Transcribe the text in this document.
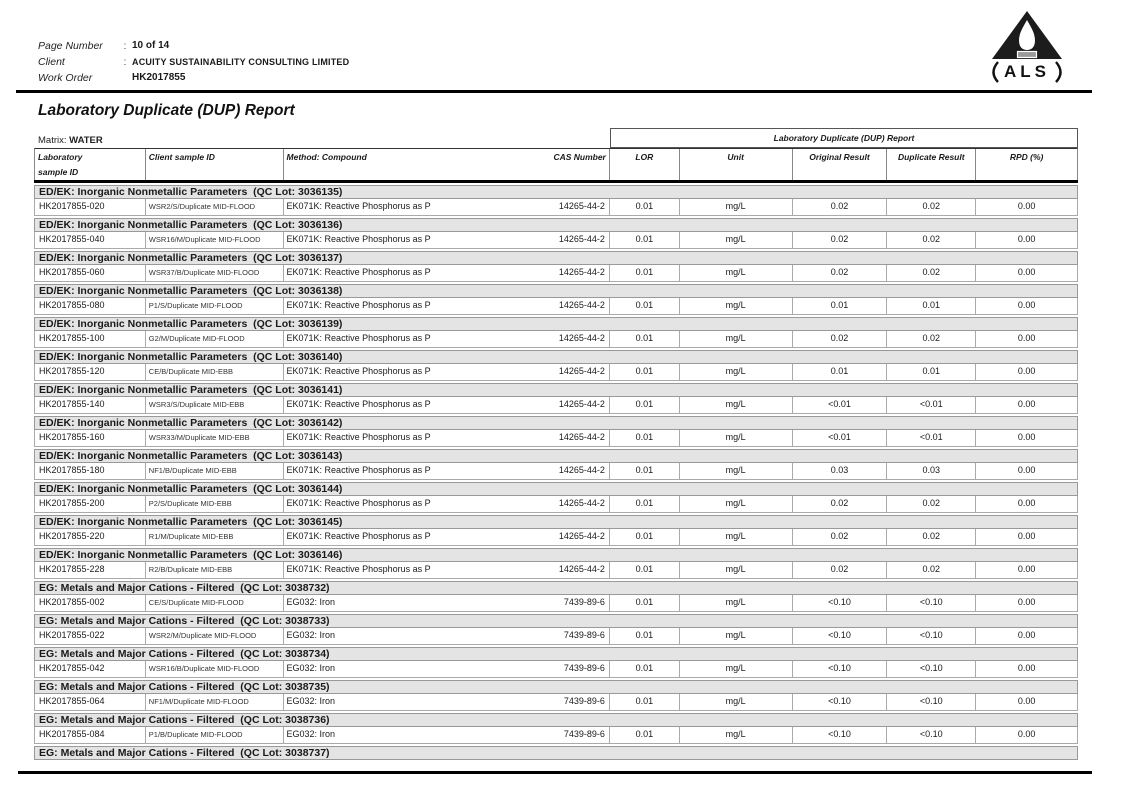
Page Number	: 10 of 14
Client	: ACUITY SUSTAINABILITY CONSULTING LIMITED
Work Order	HK2017855	ALS
Laboratory Duplicate (DUP) Report
Matrix: WATER	Laboratory Duplicate (DUP) Report
Laboratory
sample ID
Client sample ID	Method: Compound	CAS Number	LOR	Unit	Original Result	Duplicate Result	RPD (%)
ED/EK: Inorganic Nonmetallic Parameters  (QC Lot: 3036135)
HK2017855-020	WSR2/S/Duplicate MID-FLOOD	EK071K: Reactive Phosphorus as P	14265-44-2	0.01	mg/L	0.02	0.02	0.00
ED/EK: Inorganic Nonmetallic Parameters  (QC Lot: 3036136)
HK2017855-040	WSR16/M/Duplicate MID-FLOOD	EK071K: Reactive Phosphorus as P	14265-44-2	0.01	mg/L	0.02	0.02	0.00
ED/EK: Inorganic Nonmetallic Parameters  (QC Lot: 3036137)
HK2017855-060	WSR37/B/Duplicate MID-FLOOD	EK071K: Reactive Phosphorus as P	14265-44-2	0.01	mg/L	0.02	0.02	0.00
ED/EK: Inorganic Nonmetallic Parameters  (QC Lot: 3036138)
HK2017855-080	P1/S/Duplicate MID-FLOOD	EK071K: Reactive Phosphorus as P	14265-44-2	0.01	mg/L	0.01	0.01	0.00
ED/EK: Inorganic Nonmetallic Parameters  (QC Lot: 3036139)
HK2017855-100	G2/M/Duplicate MID-FLOOD	EK071K: Reactive Phosphorus as P	14265-44-2	0.01	mg/L	0.02	0.02	0.00
ED/EK: Inorganic Nonmetallic Parameters  (QC Lot: 3036140)
HK2017855-120	CE/B/Duplicate MID-EBB	EK071K: Reactive Phosphorus as P	14265-44-2	0.01	mg/L	0.01	0.01	0.00
ED/EK: Inorganic Nonmetallic Parameters  (QC Lot: 3036141)
HK2017855-140	WSR3/S/Duplicate MID-EBB	EK071K: Reactive Phosphorus as P	14265-44-2	0.01	mg/L	<0.01	<0.01	0.00
ED/EK: Inorganic Nonmetallic Parameters  (QC Lot: 3036142)
HK2017855-160	WSR33/M/Duplicate MID-EBB	EK071K: Reactive Phosphorus as P	14265-44-2	0.01	mg/L	<0.01	<0.01	0.00
ED/EK: Inorganic Nonmetallic Parameters  (QC Lot: 3036143)
HK2017855-180	NF1/B/Duplicate MID-EBB	EK071K: Reactive Phosphorus as P	14265-44-2	0.01	mg/L	0.03	0.03	0.00
ED/EK: Inorganic Nonmetallic Parameters  (QC Lot: 3036144)
HK2017855-200	P2/S/Duplicate MID-EBB	EK071K: Reactive Phosphorus as P	14265-44-2	0.01	mg/L	0.02	0.02	0.00
ED/EK: Inorganic Nonmetallic Parameters  (QC Lot: 3036145)
HK2017855-220	R1/M/Duplicate MID-EBB	EK071K: Reactive Phosphorus as P	14265-44-2	0.01	mg/L	0.02	0.02	0.00
ED/EK: Inorganic Nonmetallic Parameters  (QC Lot: 3036146)
HK2017855-228	R2/B/Duplicate MID-EBB	EK071K: Reactive Phosphorus as P	14265-44-2	0.01	mg/L	0.02	0.02	0.00
EG: Metals and Major Cations - Filtered  (QC Lot: 3038732)
HK2017855-002	CE/S/Duplicate MID-FLOOD	EG032: Iron	7439-89-6	0.01	mg/L	<0.10	<0.10	0.00
EG: Metals and Major Cations - Filtered  (QC Lot: 3038733)
HK2017855-022	WSR2/M/Duplicate MID-FLOOD	EG032: Iron	7439-89-6	0.01	mg/L	<0.10	<0.10	0.00
EG: Metals and Major Cations - Filtered  (QC Lot: 3038734)
HK2017855-042	WSR16/B/Duplicate MID-FLOOD	EG032: Iron	7439-89-6	0.01	mg/L	<0.10	<0.10	0.00
EG: Metals and Major Cations - Filtered  (QC Lot: 3038735)
HK2017855-064	NF1/M/Duplicate MID-FLOOD	EG032: Iron	7439-89-6	0.01	mg/L	<0.10	<0.10	0.00
EG: Metals and Major Cations - Filtered  (QC Lot: 3038736)
HK2017855-084	P1/B/Duplicate MID-FLOOD	EG032: Iron	7439-89-6	0.01	mg/L	<0.10	<0.10	0.00
EG: Metals and Major Cations - Filtered  (QC Lot: 3038737)
